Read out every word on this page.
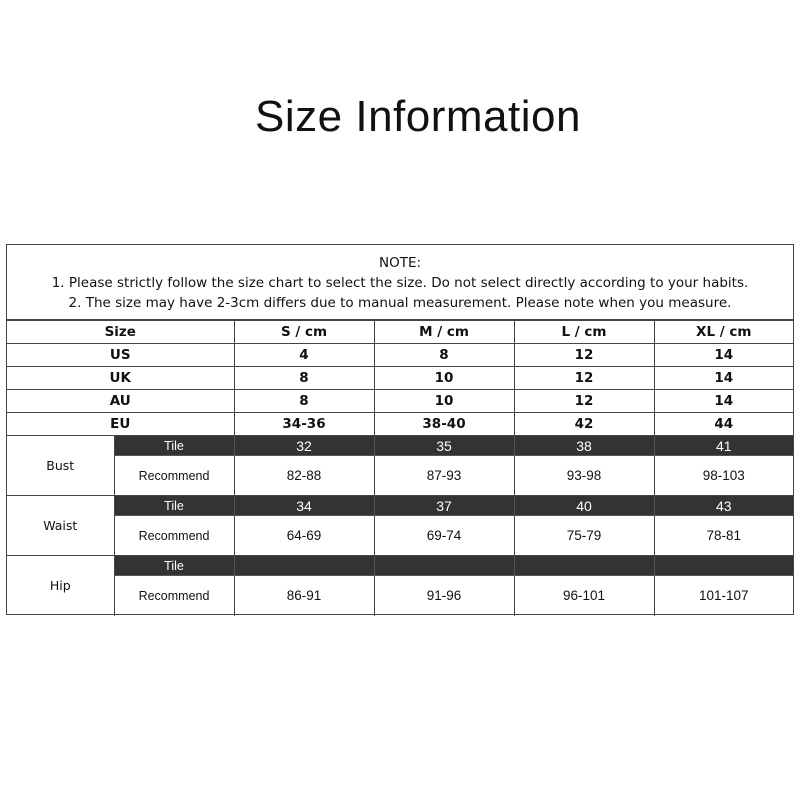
Size Information
NOTE:
1. Please strictly follow the size chart to select the size. Do not select directly according to your habits.
2. The size may have 2-3cm differs due to manual measurement. Please note when you measure.
Size		S / cm	M / cm	L / cm	XL / cm
US		4	8	12	14
UK		8	10	12	14
AU		8	10	12	14
EU		34-36	38-40	42	44
Bust	Tile	32	35	38	41
	Recommend	82-88	87-93	93-98	98-103
Waist	Tile	34	37	40	43
	Recommend	64-69	69-74	75-79	78-81
Hip	Tile				
	Recommend	86-91	91-96	96-101	101-107
